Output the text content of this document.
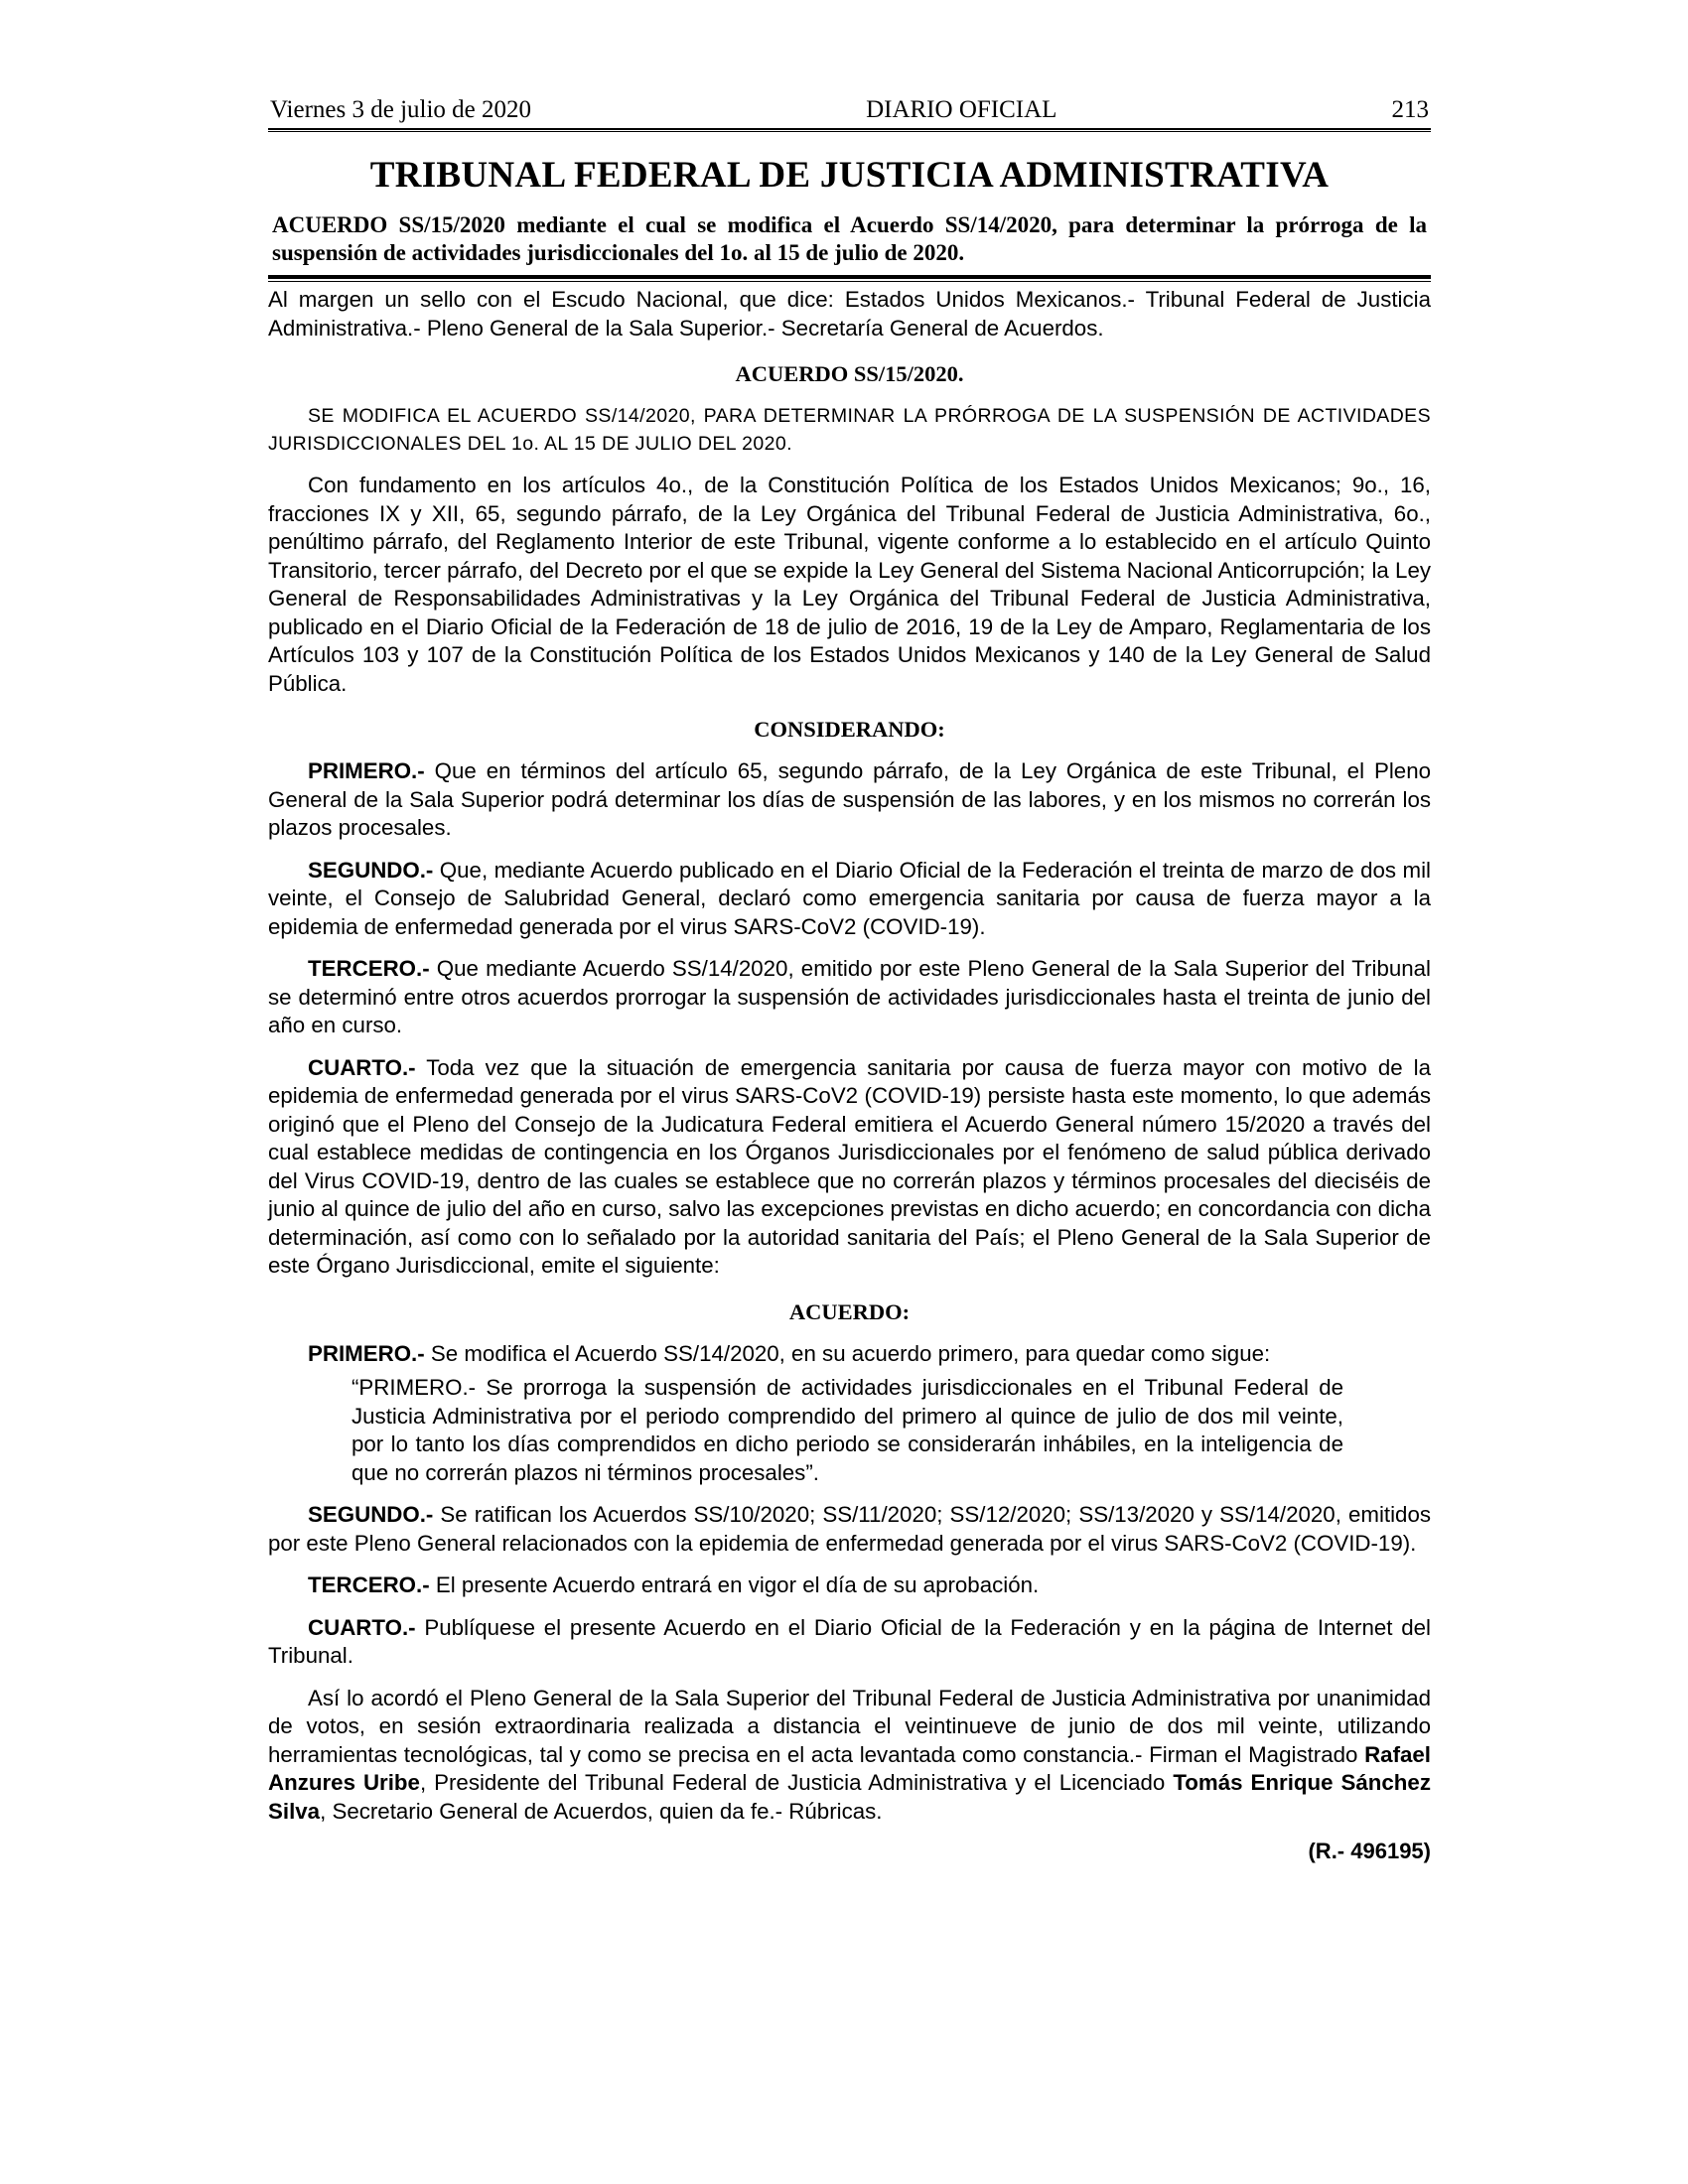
Viernes 3 de julio de 2020	DIARIO OFICIAL	213
TRIBUNAL FEDERAL DE JUSTICIA ADMINISTRATIVA
ACUERDO SS/15/2020 mediante el cual se modifica el Acuerdo SS/14/2020, para determinar la prórroga de la suspensión de actividades jurisdiccionales del 1o. al 15 de julio de 2020.

Al margen un sello con el Escudo Nacional, que dice: Estados Unidos Mexicanos.- Tribunal Federal de Justicia Administrativa.- Pleno General de la Sala Superior.- Secretaría General de Acuerdos.

ACUERDO SS/15/2020.

SE MODIFICA EL ACUERDO SS/14/2020, PARA DETERMINAR LA PRÓRROGA DE LA SUSPENSIÓN DE ACTIVIDADES JURISDICCIONALES DEL 1o. AL 15 DE JULIO DEL 2020.

Con fundamento en los artículos 4o., de la Constitución Política de los Estados Unidos Mexicanos; 9o., 16, fracciones IX y XII, 65, segundo párrafo, de la Ley Orgánica del Tribunal Federal de Justicia Administrativa, 6o., penúltimo párrafo, del Reglamento Interior de este Tribunal, vigente conforme a lo establecido en el artículo Quinto Transitorio, tercer párrafo, del Decreto por el que se expide la Ley General del Sistema Nacional Anticorrupción; la Ley General de Responsabilidades Administrativas y la Ley Orgánica del Tribunal Federal de Justicia Administrativa, publicado en el Diario Oficial de la Federación de 18 de julio de 2016, 19 de la Ley de Amparo, Reglamentaria de los Artículos 103 y 107 de la Constitución Política de los Estados Unidos Mexicanos y 140 de la Ley General de Salud Pública.

CONSIDERANDO:

PRIMERO.- Que en términos del artículo 65, segundo párrafo, de la Ley Orgánica de este Tribunal, el Pleno General de la Sala Superior podrá determinar los días de suspensión de las labores, y en los mismos no correrán los plazos procesales.

SEGUNDO.- Que, mediante Acuerdo publicado en el Diario Oficial de la Federación el treinta de marzo de dos mil veinte, el Consejo de Salubridad General, declaró como emergencia sanitaria por causa de fuerza mayor a la epidemia de enfermedad generada por el virus SARS-CoV2 (COVID-19).

TERCERO.- Que mediante Acuerdo SS/14/2020, emitido por este Pleno General de la Sala Superior del Tribunal se determinó entre otros acuerdos prorrogar la suspensión de actividades jurisdiccionales hasta el treinta de junio del año en curso.

CUARTO.- Toda vez que la situación de emergencia sanitaria por causa de fuerza mayor con motivo de la epidemia de enfermedad generada por el virus SARS-CoV2 (COVID-19) persiste hasta este momento, lo que además originó que el Pleno del Consejo de la Judicatura Federal emitiera el Acuerdo General número 15/2020 a través del cual establece medidas de contingencia en los Órganos Jurisdiccionales por el fenómeno de salud pública derivado del Virus COVID-19, dentro de las cuales se establece que no correrán plazos y términos procesales del dieciséis de junio al quince de julio del año en curso, salvo las excepciones previstas en dicho acuerdo; en concordancia con dicha determinación, así como con lo señalado por la autoridad sanitaria del País; el Pleno General de la Sala Superior de este Órgano Jurisdiccional, emite el siguiente:

ACUERDO:

PRIMERO.- Se modifica el Acuerdo SS/14/2020, en su acuerdo primero, para quedar como sigue:

“PRIMERO.- Se prorroga la suspensión de actividades jurisdiccionales en el Tribunal Federal de Justicia Administrativa por el periodo comprendido del primero al quince de julio de dos mil veinte, por lo tanto los días comprendidos en dicho periodo se considerarán inhábiles, en la inteligencia de que no correrán plazos ni términos procesales”.

SEGUNDO.- Se ratifican los Acuerdos SS/10/2020; SS/11/2020; SS/12/2020; SS/13/2020 y SS/14/2020, emitidos por este Pleno General relacionados con la epidemia de enfermedad generada por el virus SARS-CoV2 (COVID-19).

TERCERO.- El presente Acuerdo entrará en vigor el día de su aprobación.

CUARTO.- Publíquese el presente Acuerdo en el Diario Oficial de la Federación y en la página de Internet del Tribunal.

Así lo acordó el Pleno General de la Sala Superior del Tribunal Federal de Justicia Administrativa por unanimidad de votos, en sesión extraordinaria realizada a distancia el veintinueve de junio de dos mil veinte, utilizando herramientas tecnológicas, tal y como se precisa en el acta levantada como constancia.- Firman el Magistrado Rafael Anzures Uribe, Presidente del Tribunal Federal de Justicia Administrativa y el Licenciado Tomás Enrique Sánchez Silva, Secretario General de Acuerdos, quien da fe.- Rúbricas.

(R.- 496195)
